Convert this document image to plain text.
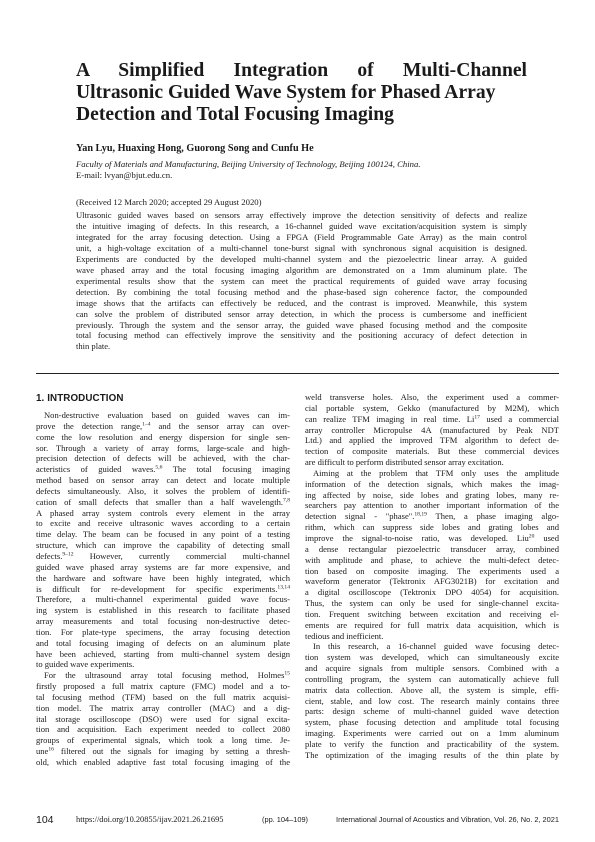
A Simplified Integration of Multi-Channel
Ultrasonic Guided Wave System for Phased Array
Detection and Total Focusing Imaging

Yan Lyu, Huaxing Hong, Guorong Song and Cunfu He

Faculty of Materials and Manufacturing, Beijing University of Technology, Beijing 100124, China.

E-mail: lvyan@bjut.edu.cn.

(Received 12 March 2020; accepted 29 August 2020)

Ultrasonic guided waves based on sensors array effectively improve the detection sensitivity of defects and realize
the intuitive imaging of defects. In this research, a 16-channel guided wave excitation/acquisition system is simply
integrated for the array focusing detection. Using a FPGA (Field Programmable Gate Array) as the main control
unit, a high-voltage excitation of a multi-channel tone-burst signal with synchronous signal acquisition is designed.
Experiments are conducted by the developed multi-channel system and the piezoelectric linear array. A guided
wave phased array and the total focusing imaging algorithm are demonstrated on a 1mm aluminum plate. The
experimental results show that the system can meet the practical requirements of guided wave array focusing
detection. By combining the total focusing method and the phase-based sign coherence factor, the compounded
image shows that the artifacts can effectively be reduced, and the contrast is improved. Meanwhile, this system
can solve the problem of distributed sensor array detection, in which the process is cumbersome and inefficient
previously. Through the system and the sensor array, the guided wave phased focusing method and the composite
total focusing method can effectively improve the sensitivity and the positioning accuracy of defect detection in
thin plate.
1. INTRODUCTION
Non-destructive evaluation based on guided waves can im-
prove the detection range,$^{1-4}$ and the sensor array can over-
come the low resolution and energy dispersion for single sen-
sor. Through a variety of array forms, large-scale and high-
precision detection of defects will be achieved, with the char-
acteristics of guided waves.$^{5,6}$ The total focusing imaging
method based on sensor array can detect and locate multiple
defects simultaneously. Also, it solves the problem of identifi-
cation of small defects that smaller than a half wavelength.$^{7,8}$
A phased array system controls every element in the array
to excite and receive ultrasonic waves according to a certain
time delay. The beam can be focused in any point of a testing
structure, which can improve the capability of detecting small
defects.$^{9-12}$ However, currently commercial multi-channel
guided wave phased array systems are far more expensive, and
the hardware and software have been highly integrated, which
is difficult for re-development for specific experiments.$^{13,14}$
Therefore, a multi-channel experimental guided wave focus-
ing system is established in this research to facilitate phased
array measurements and total focusing non-destructive detec-
tion. For plate-type specimens, the array focusing detection
and total focusing imaging of defects on an aluminum plate
have been achieved, starting from multi-channel system design
to guided wave experiments.
For the ultrasound array total focusing method, Holmes$^{15}$
firstly proposed a full matrix capture (FMC) model and a to-
tal focusing method (TFM) based on the full matrix acquisi-
tion model. The matrix array controller (MAC) and a dig-
ital storage oscilloscope (DSO) were used for signal excita-
tion and acquisition. Each experiment needed to collect 2080
groups of experimental signals, which took a long time. Je-
une$^{16}$ filtered out the signals for imaging by setting a thresh-
old, which enabled adaptive fast total focusing imaging of the
weld transverse holes. Also, the experiment used a commer-
cial portable system, Gekko (manufactured by M2M), which
can realize TFM imaging in real time. Li$^{17}$ used a commercial
array controller Micropulse 4A (manufactured by Peak NDT
Ltd.) and applied the improved TFM algorithm to defect de-
tection of composite materials. But these commercial devices
are difficult to perform distributed sensor array excitation.
Aiming at the problem that TFM only uses the amplitude
information of the detection signals, which makes the imag-
ing affected by noise, side lobes and grating lobes, many re-
searchers pay attention to another important information of the
detection signal - "phase".$^{18,19}$ Then, a phase imaging algo-
rithm, which can suppress side lobes and grating lobes and
improve the signal-to-noise ratio, was developed. Liu$^{20}$ used
a dense rectangular piezoelectric transducer array, combined
with amplitude and phase, to achieve the multi-defect detec-
tion based on composite imaging. The experiments used a
waveform generator (Tektronix AFG3021B) for excitation and
a digital oscilloscope (Tektronix DPO 4054) for acquisition.
Thus, the system can only be used for single-channel excita-
tion. Frequent switching between excitation and receiving el-
ements are required for full matrix data acquisition, which is
tedious and inefficient.
In this research, a 16-channel guided wave focusing detec-
tion system was developed, which can simultaneously excite
and acquire signals from multiple sensors. Combined with a
controlling program, the system can automatically achieve full
matrix data collection. Above all, the system is simple, effi-
cient, stable, and low cost. The research mainly contains three
parts: design scheme of multi-channel guided wave detection
system, phase focusing detection and amplitude total focusing
imaging. Experiments were carried out on a 1mm aluminum
plate to verify the function and practicability of the system.
The optimization of the imaging results of the thin plate by
104	https://doi.org/10.20855/ijav.2021.26.21695	(pp. 104–109)	International Journal of Acoustics and Vibration, Vol. 26, No. 2, 2021
